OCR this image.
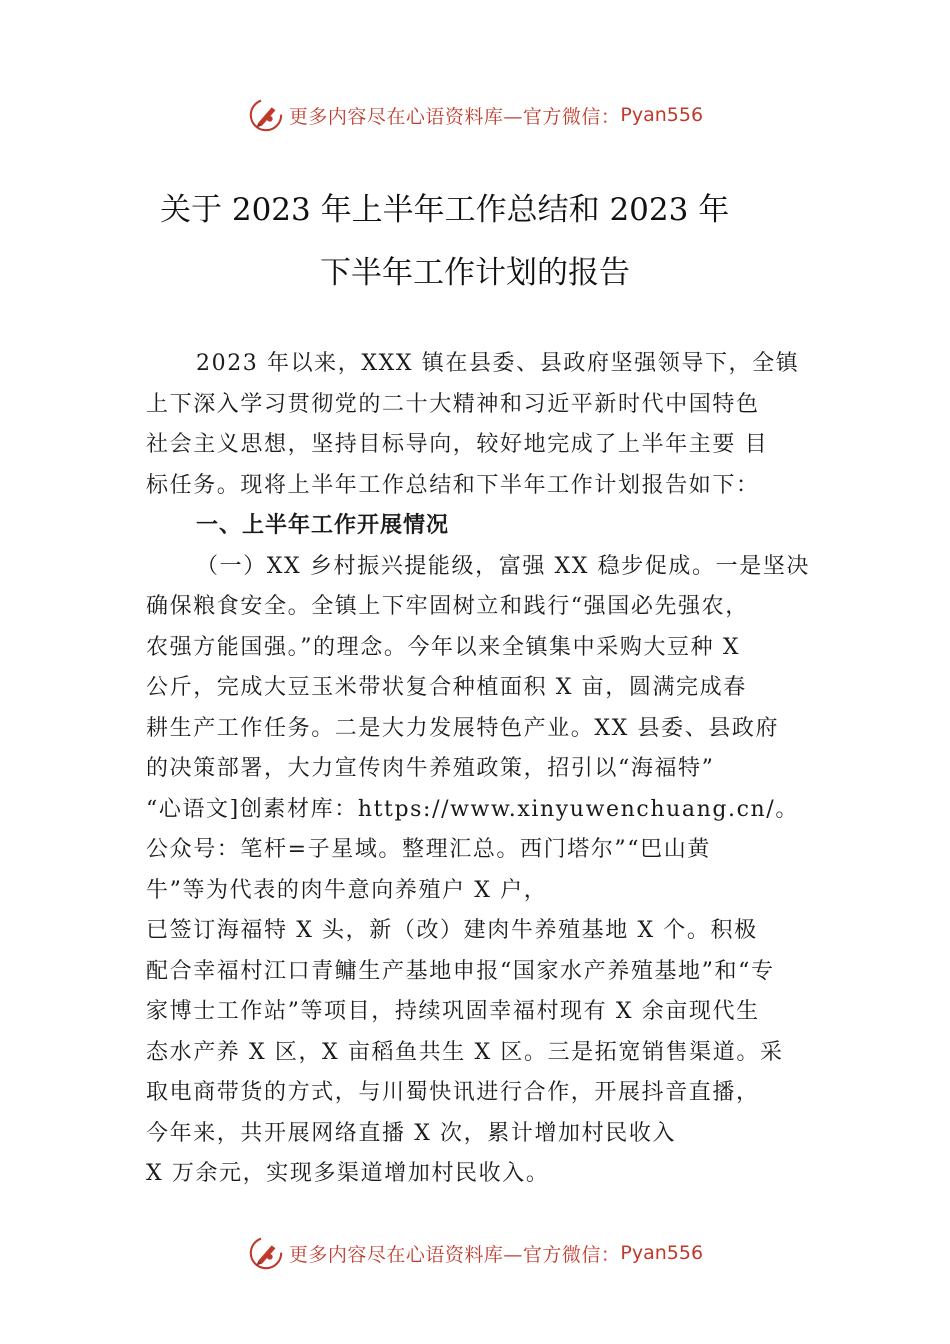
更多内容尽在心语资料库—官方微信： Pyan556
关于 2023 年上半年工作总结和 2023 年
下半年工作计划的报告
2023 年以来，XXX 镇在县委、县政府坚强领导下，全镇
上下深入学习贯彻党的二十大精神和习近平新时代中国特色
社会主义思想，坚持目标导向，较好地完成了上半年主要 目
标任务。现将上半年工作总结和下半年工作计划报告如下：
一、上半年工作开展情况
（一）XX 乡村振兴提能级，富强 XX 稳步促成。一是坚决
确保粮食安全。全镇上下牢固树立和践行“强国必先强农，
农强方能国强。”的理念。今年以来全镇集中采购大豆种 X
公斤，完成大豆玉米带状复合种植面积 X 亩，圆满完成春
耕生产工作任务。二是大力发展特色产业。XX 县委、县政府
的决策部署，大力宣传肉牛养殖政策，招引以“海福特”
“心语文]创素材库：https://www.xinyuwenchuang.cn/。
公众号：笔杆=子星域。整理汇总。西门塔尔”“巴山黄
牛”等为代表的肉牛意向养殖户 X 户，
已签订海福特 X 头，新（改）建肉牛养殖基地 X 个。积极
配合幸福村江口青鳙生产基地申报“国家水产养殖基地”和“专
家博士工作站”等项目，持续巩固幸福村现有 X 余亩现代生
态水产养 X 区，X 亩稻鱼共生 X 区。三是拓宽销售渠道。采
取电商带货的方式，与川蜀快讯进行合作，开展抖音直播，
今年来，共开展网络直播 X 次，累计增加村民收入
X 万余元，实现多渠道增加村民收入。
更多内容尽在心语资料库—官方微信： Pyan556
